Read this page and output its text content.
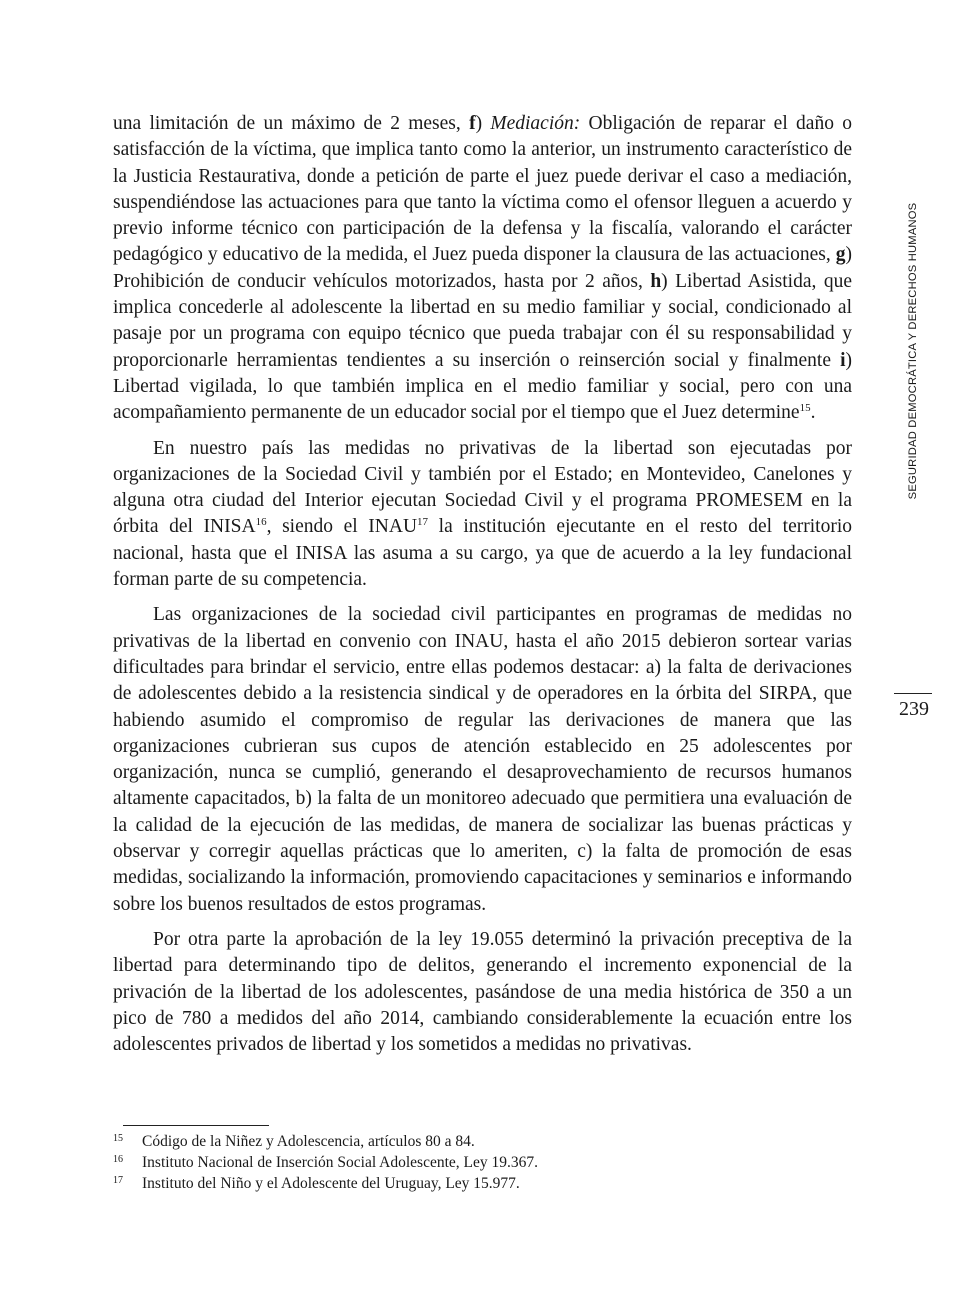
una limitación de un máximo de 2 meses, f) Mediación: Obligación de reparar el daño o satisfacción de la víctima, que implica tanto como la anterior, un instrumento característico de la Justicia Restaurativa, donde a petición de parte el juez puede derivar el caso a mediación, suspendiéndose las actuaciones para que tanto la víctima como el ofensor lleguen a acuerdo y previo informe técnico con participación de la defensa y la fiscalía, valorando el carácter pedagógico y educativo de la medida, el Juez pueda disponer la clausura de las actuaciones, g) Prohibición de conducir vehículos motorizados, hasta por 2 años, h) Libertad Asistida, que implica concederle al adolescente la libertad en su medio familiar y social, condicionado al pasaje por un programa con equipo técnico que pueda trabajar con él su responsabilidad y proporcionarle herramientas tendientes a su inserción o reinserción social y finalmente i) Libertad vigilada, lo que también implica en el medio familiar y social, pero con una acompañamiento permanente de un educador social por el tiempo que el Juez determine$^{15}$.

En nuestro país las medidas no privativas de la libertad son ejecutadas por organizaciones de la Sociedad Civil y también por el Estado; en Montevideo, Canelones y alguna otra ciudad del Interior ejecutan Sociedad Civil y el programa PROMESEM en la órbita del INISA$^{16}$, siendo el INAU$^{17}$ la institución ejecutante en el resto del territorio nacional, hasta que el INISA las asuma a su cargo, ya que de acuerdo a la ley fundacional forman parte de su competencia.

Las organizaciones de la sociedad civil participantes en programas de medidas no privativas de la libertad en convenio con INAU, hasta el año 2015 debieron sortear varias dificultades para brindar el servicio, entre ellas podemos destacar: a) la falta de derivaciones de adolescentes debido a la resistencia sindical y de operadores en la órbita del SIRPA, que habiendo asumido el compromiso de regular las derivaciones de manera que las organizaciones cubrieran sus cupos de atención establecido en 25 adolescentes por organización, nunca se cumplió, generando el desaprovechamiento de recursos humanos altamente capacitados, b) la falta de un monitoreo adecuado que permitiera una evaluación de la calidad de la ejecución de las medidas, de manera de socializar las buenas prácticas y observar y corregir aquellas prácticas que lo ameriten, c) la falta de promoción de esas medidas, socializando la información, promoviendo capacitaciones y seminarios e informando sobre los buenos resultados de estos programas.

Por otra parte la aprobación de la ley 19.055 determinó la privación preceptiva de la libertad para determinando tipo de delitos, generando el incremento exponencial de la privación de la libertad de los adolescentes, pasándose de una media histórica de 350 a un pico de 780 a medidos del año 2014, cambiando considerablemente la ecuación entre los adolescentes privados de libertad y los sometidos a medidas no privativas.

SEGURIDAD DEMOCRÁTICA Y DERECHOS HUMANOS
239
15 Código de la Niñez y Adolescencia, artículos 80 a 84.
16 Instituto Nacional de Inserción Social Adolescente, Ley 19.367.
17 Instituto del Niño y el Adolescente del Uruguay, Ley 15.977.
